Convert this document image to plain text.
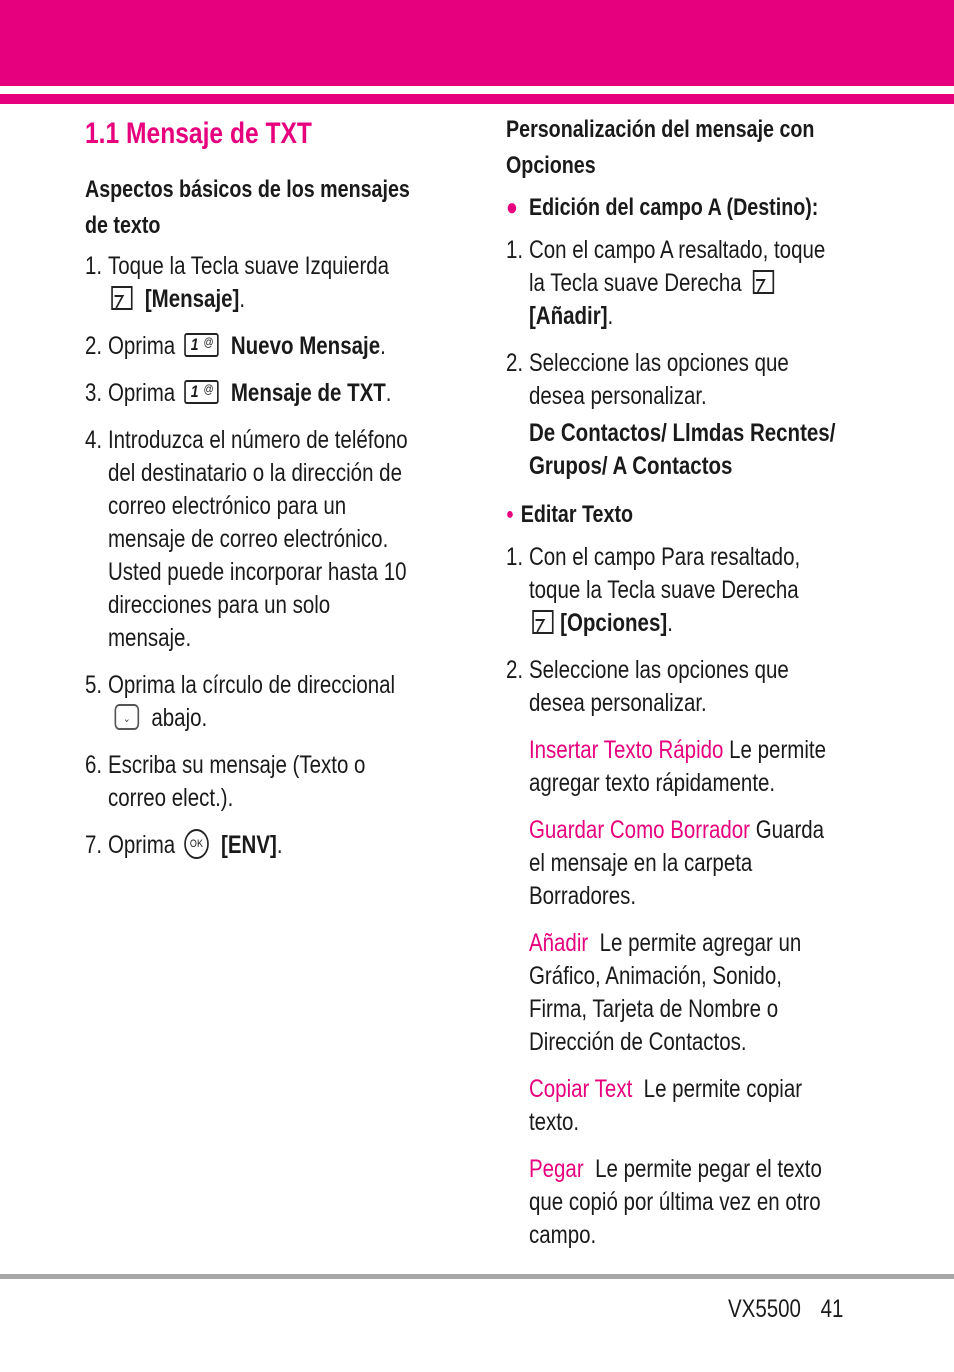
1.1 Mensaje de TXT
Aspectos básicos de los mensajes
de texto
1. Toque la Tecla suave Izquierda
[Mensaje].
2. Oprima 1 @ Nuevo Mensaje.
3. Oprima 1 @ Mensaje de TXT.
4. Introduzca el número de teléfono
del destinatario o la dirección de
correo electrónico para un
mensaje de correo electrónico.
Usted puede incorporar hasta 10
direcciones para un solo
mensaje.
5. Oprima la círculo de direccional
⌄ abajo.
6. Escriba su mensaje (Texto o
correo elect.).
7. Oprima OK [ENV].
Personalización del mensaje con
Opciones
● Edición del campo A (Destino):
1. Con el campo A resaltado, toque
la Tecla suave Derecha
[Añadir].
2. Seleccione las opciones que
desea personalizar.
De Contactos/ Llmdas Recntes/
Grupos/ A Contactos
● Editar Texto
1. Con el campo Para resaltado,
toque la Tecla suave Derecha
[Opciones].
2. Seleccione las opciones que
desea personalizar.
Insertar Texto Rápido Le permite
agregar texto rápidamente.
Guardar Como Borrador Guarda
el mensaje en la carpeta
Borradores.
Añadir Le permite agregar un
Gráfico, Animación, Sonido,
Firma, Tarjeta de Nombre o
Dirección de Contactos.
Copiar Text Le permite copiar
texto.
Pegar Le permite pegar el texto
que copió por última vez en otro
campo.
VX5500 41
